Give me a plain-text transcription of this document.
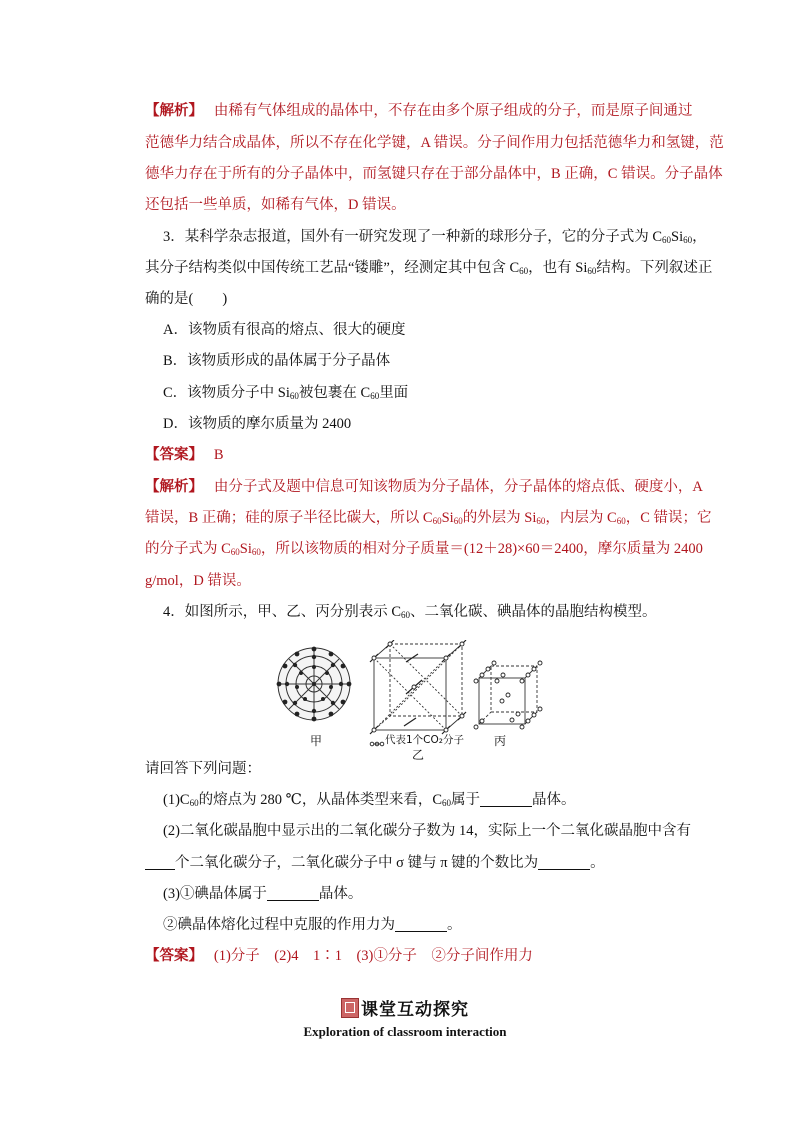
【解析】 由稀有气体组成的晶体中，不存在由多个原子组成的分子，而是原子间通过
范德华力结合成晶体，所以不存在化学键，A 错误。分子间作用力包括范德华力和氢键，范
德华力存在于所有的分子晶体中，而氢键只存在于部分晶体中，B 正确，C 错误。分子晶体
还包括一些单质，如稀有气体，D 错误。
3．某科学杂志报道，国外有一研究发现了一种新的球形分子，它的分子式为 $C_{60}Si_{60}$，
其分子结构类似中国传统工艺品“镂雕”，经测定其中包含 $C_{60}$，也有 $Si_{60}$结构。下列叙述正
确的是(　　)
A．该物质有很高的熔点、很大的硬度
B．该物质形成的晶体属于分子晶体
C．该物质分子中 $Si_{60}$被包裹在 $C_{60}$里面
D．该物质的摩尔质量为 2400
【答案】 B
【解析】 由分子式及题中信息可知该物质为分子晶体，分子晶体的熔点低、硬度小，A
错误，B 正确；硅的原子半径比碳大，所以 $C_{60}Si_{60}$的外层为 $Si_{60}$，内层为 $C_{60}$，C 错误；它
的分子式为 $C_{60}Si_{60}$，所以该物质的相对分子质量＝(12＋28)×60＝2400，摩尔质量为 2400
g/mol，D 错误。
4．如图所示，甲、乙、丙分别表示 $C_{60}$、二氧化碳、碘晶体的晶胞结构模型。
甲	代表1个CO₂分子
乙
丙
请回答下列问题：
$(1)C_{60}$的熔点为 280 ℃，从晶体类型来看，$C_{60}$属于	晶体。
(2)二氧化碳晶胞中显示出的二氧化碳分子数为 14，实际上一个二氧化碳晶胞中含有
个二氧化碳分子，二氧化碳分子中 σ 键与 π 键的个数比为	。
(3)①碘晶体属于	晶体。
②碘晶体熔化过程中克服的作用力为	。
【答案】 (1)分子　(2)4　1∶1　(3)①分子　②分子间作用力
课堂互动探究
Exploration of classroom interaction
